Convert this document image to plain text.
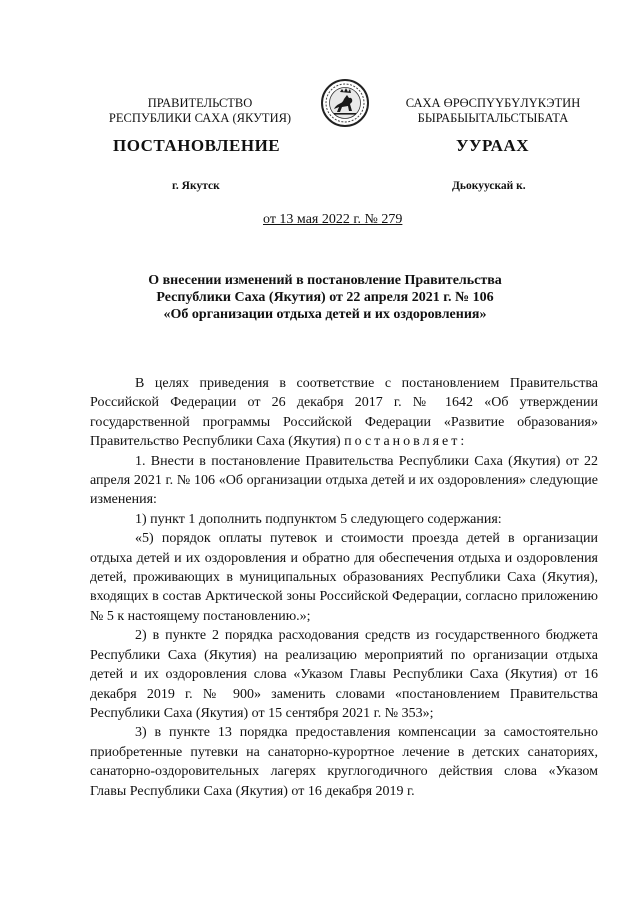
ПРАВИТЕЛЬСТВО
РЕСПУБЛИКИ САХА (ЯКУТИЯ)
САХА ӨРӨСПҮҮБҮЛҮКЭТИН
БЫРАБЫЫТАЛЬСТЫБАТА
ПОСТАНОВЛЕНИЕ	УУРААХ
г. Якутск	Дьокуускай к.
от 13 мая 2022 г. № 279
О внесении изменений в постановление Правительства
Республики Саха (Якутия) от 22 апреля 2021 г. № 106
«Об организации отдыха детей и их оздоровления»

В целях приведения в соответствие с постановлением Правительства Российской Федерации от 26 декабря 2017 г. № 1642 «Об утверждении государственной программы Российской Федерации «Развитие образования» Правительство Республики Саха (Якутия) постановляет:

1. Внести в постановление Правительства Республики Саха (Якутия) от 22 апреля 2021 г. № 106 «Об организации отдыха детей и их оздоровления» следующие изменения:

1) пункт 1 дополнить подпунктом 5 следующего содержания:

«5) порядок оплаты путевок и стоимости проезда детей в организации отдыха детей и их оздоровления и обратно для обеспечения отдыха и оздоровления детей, проживающих в муниципальных образованиях Республики Саха (Якутия), входящих в состав Арктической зоны Российской Федерации, согласно приложению № 5 к настоящему постановлению.»;

2) в пункте 2 порядка расходования средств из государственного бюджета Республики Саха (Якутия) на реализацию мероприятий по организации отдыха детей и их оздоровления слова «Указом Главы Республики Саха (Якутия) от 16 декабря 2019 г. № 900» заменить словами «постановлением Правительства Республики Саха (Якутия) от 15 сентября 2021 г. № 353»;

3) в пункте 13 порядка предоставления компенсации за самостоятельно приобретенные путевки на санаторно-курортное лечение в детских санаториях, санаторно-оздоровительных лагерях круглогодичного действия слова «Указом Главы Республики Саха (Якутия) от 16 декабря 2019 г.
